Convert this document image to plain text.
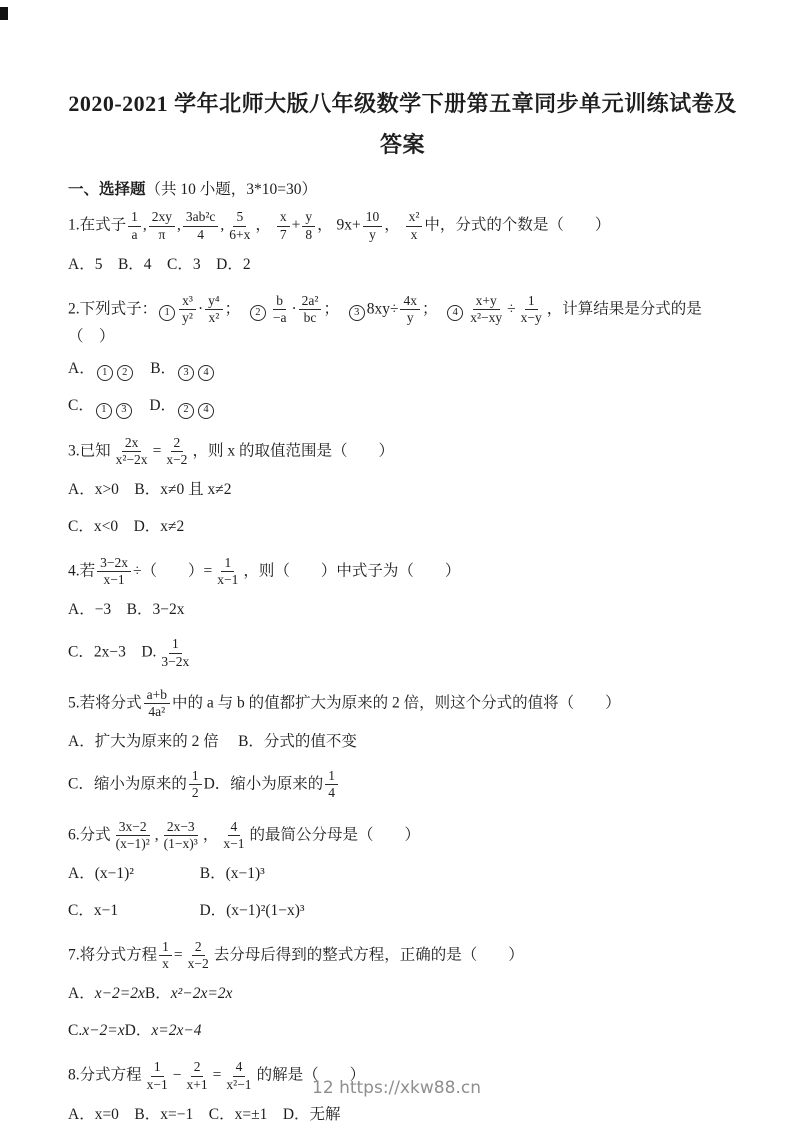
2020-2021 学年北师大版八年级数学下册第五章同步单元训练试卷及
答案
一、选择题（共 10 小题，3*10=30）
1.在式子 $\frac{1}{a}$ , $\frac{2xy}{\pi}$ , $\frac{\text{3ab²c}}{4}$ , $\frac{5}{6+x}$ ， $\frac{x}{7} + \frac{y}{8}$ ， $9x+ \frac{10}{y}$ ， $\frac{\text{x²}}{x}$ 中，分式的个数是（　　）
A．5　B．4　C．3　D．2
2.下列式子： $1 \frac{\text{x³}}{\text{y²}} \cdot \frac{\text{y⁴}}{\text{x²}}$ ；　$2 \frac{b}{-a} \cdot \frac{\text{2a²}}{bc}$ ；　3 $8xy\div \frac{4x}{y}$ ；　$4 \frac{x+y}{\text{x²−xy}} \div \frac{1}{x-y}$ ，计算结果是分式的是（　）
A． 1 2　B． 3 4
C． 1 3　D． 2 4
3.已知 $\frac{2x}{\text{x²−2x}} = \frac{2}{x-2}$ ，则 x 的取值范围是（　　）
A．x>0　B．x≠0 且 x≠2
C．x<0　D．x≠2
4.若 $\frac{3-2x}{x-1}$ ÷（　　）= $\frac{1}{x-1}$ ，则（　　）中式子为（　　）
A．−3　B．3−2x
C．2x−3　D. $\frac{1}{3-2x}$
5.若将分式 $\frac{a+b}{\text{4a²}}$ 中的 a 与 b 的值都扩大为原来的 2 倍，则这个分式的值将（　　）
A．扩大为原来的 2 倍　 B．分式的值不变
C．缩小为原来的 $\frac{1}{2}$ D．缩小为原来的 $\frac{1}{4}$
6.分式 $\frac{3x-2}{\text{(x−1)²}}$ , $\frac{2x-3}{\text{(1−x)³}}$ ， $\frac{4}{x-1}$ 的最简公分母是（　　）
A．(x−1)²　　　　 B．(x−1)³
C．x−1　　　　　 D．(x−1)²(1−x)³
7.将分式方程 $\frac{1}{x} = \frac{2}{x-2}$ 去分母后得到的整式方程，正确的是（　　）
A．x−2=2xB．x²−2x=2x
C.x−2=xD．x=2x−4
8.分式方程 $\frac{1}{x-1} - \frac{2}{x+1} = \frac{4}{\text{x²−1}}$ 的解是（　　）
A．x=0　B．x=−1　C．x=±1　D．无解
12 https://xkw88.cn
